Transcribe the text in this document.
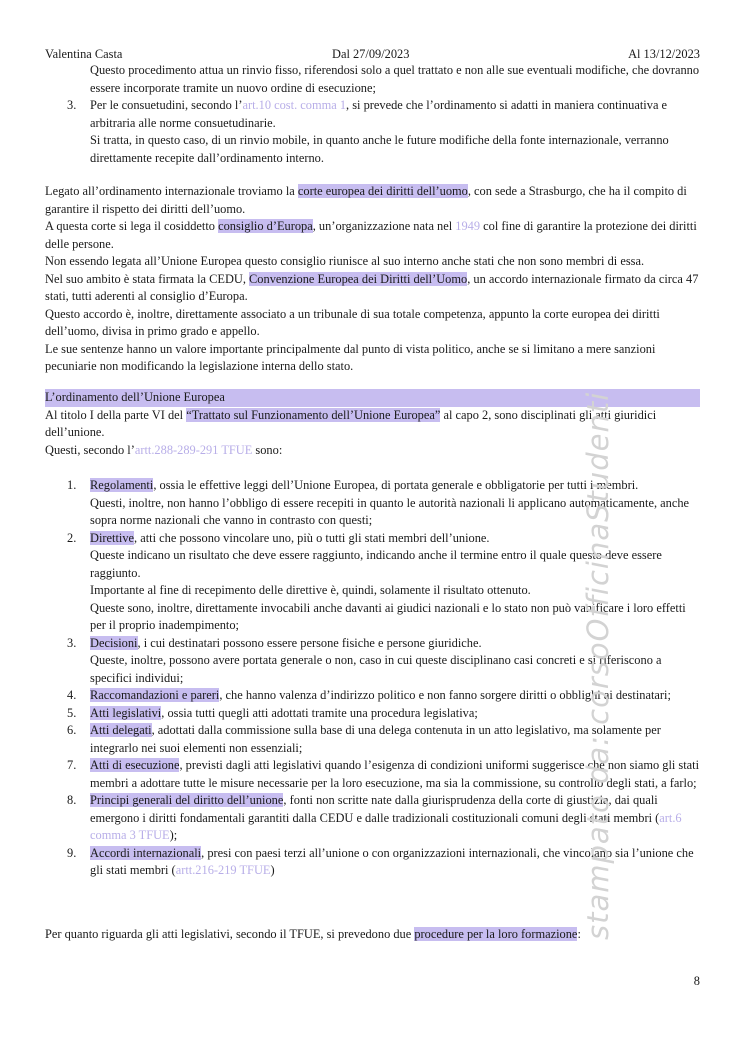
Valentina Casta	Dal 27/09/2023	Al 13/12/2023

Questo procedimento attua un rinvio fisso, riferendosi solo a quel trattato e non alle sue eventuali modifiche, che dovranno essere incorporate tramite un nuovo ordine di esecuzione;

3.	Per le consuetudini, secondo l’art.10 cost. comma 1, si prevede che l’ordinamento si adatti in maniera continuativa e arbitraria alle norme consuetudinarie.

Si tratta, in questo caso, di un rinvio mobile, in quanto anche le future modifiche della fonte internazionale, verranno direttamente recepite dall’ordinamento interno.

Legato all’ordinamento internazionale troviamo la corte europea dei diritti dell’uomo, con sede a Strasburgo, che ha il compito di garantire il rispetto dei diritti dell’uomo.

A questa corte si lega il cosiddetto consiglio d’Europa, un’organizzazione nata nel 1949 col fine di garantire la protezione dei diritti delle persone.

Non essendo legata all’Unione Europea questo consiglio riunisce al suo interno anche stati che non sono membri di essa.

Nel suo ambito è stata firmata la CEDU, Convenzione Europea dei Diritti dell’Uomo, un accordo internazionale firmato da circa 47 stati, tutti aderenti al consiglio d’Europa.

Questo accordo è, inoltre, direttamente associato a un tribunale di sua totale competenza, appunto la corte europea dei diritti dell’uomo, divisa in primo grado e appello.

Le sue sentenze hanno un valore importante principalmente dal punto di vista politico, anche se si limitano a mere sanzioni pecuniarie non modificando la legislazione interna dello stato.

L’ordinamento dell’Unione Europea

Al titolo I della parte VI del “Trattato sul Funzionamento dell’Unione Europea” al capo 2, sono disciplinati gli atti giuridici dell’unione.

Questi, secondo l’artt.288-289-291 TFUE sono:

1.	Regolamenti, ossia le effettive leggi dell’Unione Europea, di portata generale e obbligatorie per tutti i membri.

Questi, inoltre, non hanno l’obbligo di essere recepiti in quanto le autorità nazionali li applicano automaticamente, anche sopra norme nazionali che vanno in contrasto con questi;

2.	Direttive, atti che possono vincolare uno, più o tutti gli stati membri dell’unione.

Queste indicano un risultato che deve essere raggiunto, indicando anche il termine entro il quale questo deve essere raggiunto.

Importante al fine di recepimento delle direttive è, quindi, solamente il risultato ottenuto.

Queste sono, inoltre, direttamente invocabili anche davanti ai giudici nazionali e lo stato non può vanificare i loro effetti per il proprio inadempimento;

3.	Decisioni, i cui destinatari possono essere persone fisiche e persone giuridiche.

Queste, inoltre, possono avere portata generale o non, caso in cui queste disciplinano casi concreti e si riferiscono a specifici individui;

4.	Raccomandazioni e pareri, che hanno valenza d’indirizzo politico e non fanno sorgere diritti o obblighi ai destinatari;

5.	Atti legislativi, ossia tutti quegli atti adottati tramite una procedura legislativa;

6.	Atti delegati, adottati dalla commissione sulla base di una delega contenuta in un atto legislativo, ma solamente per integrarlo nei suoi elementi non essenziali;

7.	Atti di esecuzione, previsti dagli atti legislativi quando l’esigenza di condizioni uniformi suggerisce che non siamo gli stati membri a adottare tutte le misure necessarie per la loro esecuzione, ma sia la commissione, su controllo degli stati, a farlo;

8.	Principi generali del diritto dell’unione, fonti non scritte nate dalla giurisprudenza della corte di giustizia, dai quali emergono i diritti fondamentali garantiti dalla CEDU e dalle tradizionali costituzionali comuni degli stati membri (art.6 comma 3 TFUE);

9.	Accordi internazionali, presi con paesi terzi all’unione o con organizzazioni internazionali, che vincolano sia l’unione che gli stati membri (artt.216-219 TFUE)

Per quanto riguarda gli atti legislativi, secondo il TFUE, si prevedono due procedure per la loro formazione: stampato da: corsoOfficinaStudenti
8
